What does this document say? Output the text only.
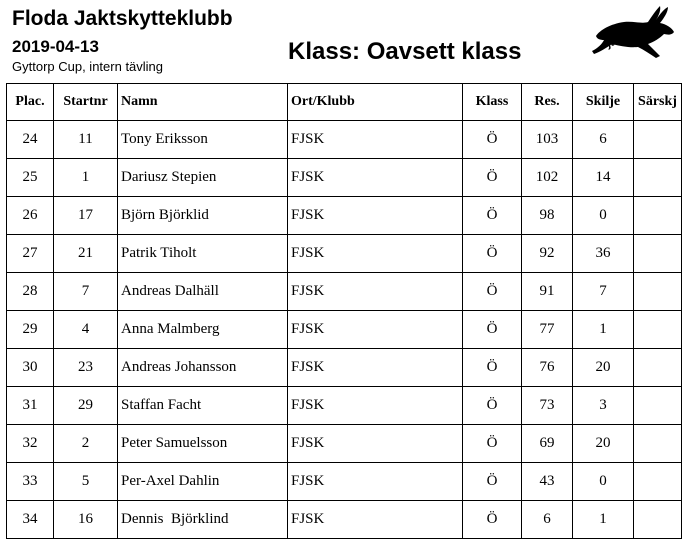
Floda Jaktskytteklubb
2019-04-13
Gyttorp Cup, intern tävling
Klass: Oavsett klass
jaktstig.se
Plac.	Startnr	Namn	Ort/Klubb	Klass	Res.	Skilje	Särskj
24	11	Tony Eriksson	FJSK	Ö	103	6	
25	1	Dariusz Stepien	FJSK	Ö	102	14	
26	17	Björn Björklid	FJSK	Ö	98	0	
27	21	Patrik Tiholt	FJSK	Ö	92	36	
28	7	Andreas Dalhäll	FJSK	Ö	91	7	
29	4	Anna Malmberg	FJSK	Ö	77	1	
30	23	Andreas Johansson	FJSK	Ö	76	20	
31	29	Staffan Facht	FJSK	Ö	73	3	
32	2	Peter Samuelsson	FJSK	Ö	69	20	
33	5	Per-Axel Dahlin	FJSK	Ö	43	0	
34	16	Dennis  Björklind	FJSK	Ö	6	1	
